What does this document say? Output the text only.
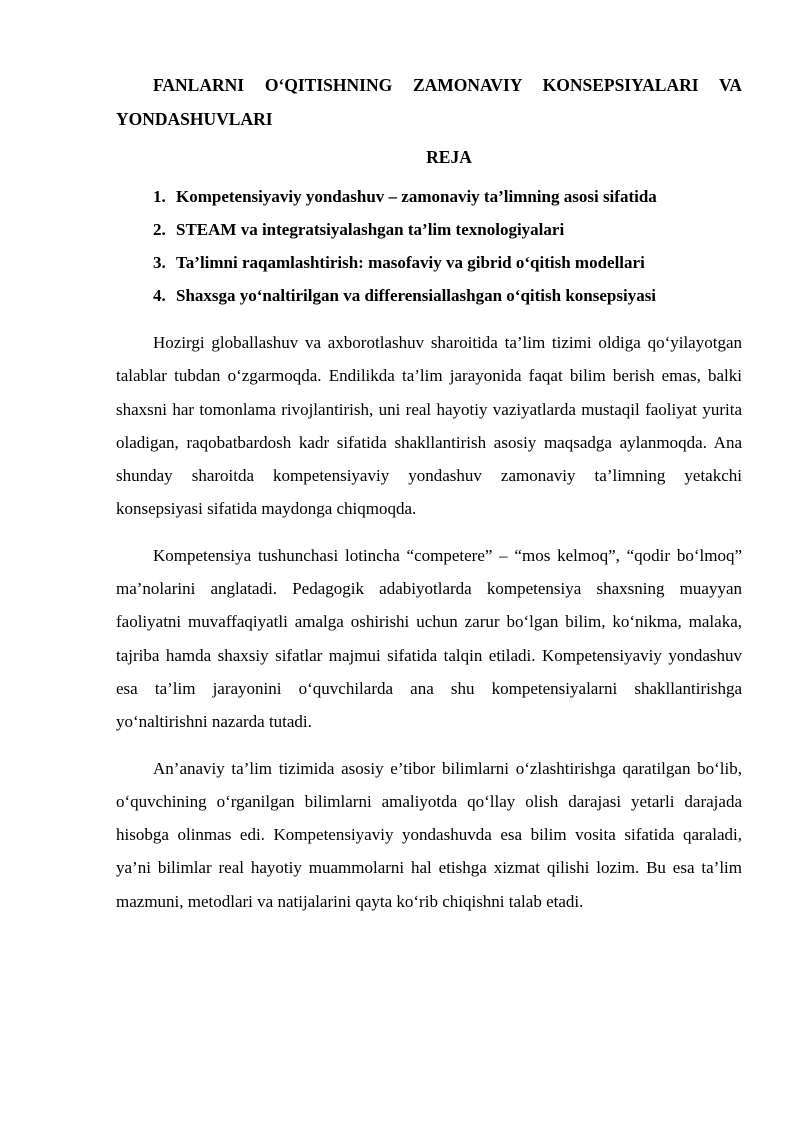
FANLARNI O‘QITISHNING ZAMONAVIY KONSEPSIYALARI VA YONDASHUVLARI
REJA
1. Kompetensiyaviy yondashuv – zamonaviy ta’limning asosi sifatida
2. STEAM va integratsiyalashgan ta’lim texnologiyalari
3. Ta’limni raqamlashtirish: masofaviy va gibrid o‘qitish modellari
4. Shaxsga yo‘naltirilgan va differensiallashgan o‘qitish konsepsiyasi

Hozirgi globallashuv va axborotlashuv sharoitida ta’lim tizimi oldiga qo‘yilayotgan talablar tubdan o‘zgarmoqda. Endilikda ta’lim jarayonida faqat bilim berish emas, balki shaxsni har tomonlama rivojlantirish, uni real hayotiy vaziyatlarda mustaqil faoliyat yurita oladigan, raqobatbardosh kadr sifatida shakllantirish asosiy maqsadga aylanmoqda. Ana shunday sharoitda kompetensiyaviy yondashuv zamonaviy ta’limning yetakchi konsepsiyasi sifatida maydonga chiqmoqda.

Kompetensiya tushunchasi lotincha “competere” – “mos kelmoq”, “qodir bo‘lmoq” ma’nolarini anglatadi. Pedagogik adabiyotlarda kompetensiya shaxsning muayyan faoliyatni muvaffaqiyatli amalga oshirishi uchun zarur bo‘lgan bilim, ko‘nikma, malaka, tajriba hamda shaxsiy sifatlar majmui sifatida talqin etiladi. Kompetensiyaviy yondashuv esa ta’lim jarayonini o‘quvchilarda ana shu kompetensiyalarni shakllantirishga yo‘naltirishni nazarda tutadi.

An’anaviy ta’lim tizimida asosiy e’tibor bilimlarni o‘zlashtirishga qaratilgan bo‘lib, o‘quvchining o‘rganilgan bilimlarni amaliyotda qo‘llay olish darajasi yetarli darajada hisobga olinmas edi. Kompetensiyaviy yondashuvda esa bilim vosita sifatida qaraladi, ya’ni bilimlar real hayotiy muammolarni hal etishga xizmat qilishi lozim. Bu esa ta’lim mazmuni, metodlari va natijalarini qayta ko‘rib chiqishni talab etadi.
